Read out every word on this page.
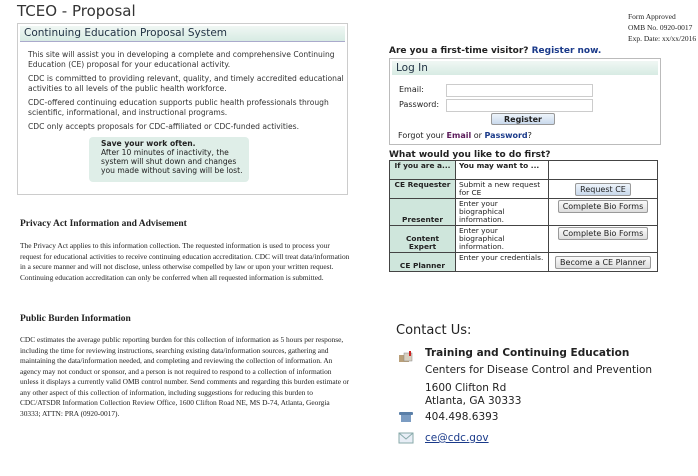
TCEO - Proposal
Continuing Education Proposal System

This site will assist you in developing a complete and comprehensive Continuing Education (CE) proposal for your educational activity.

CDC is committed to providing relevant, quality, and timely accredited educational activities to all levels of the public health workforce.

CDC-offered continuing education supports public health professionals through scientific, informational, and instructional programs.

CDC only accepts proposals for CDC-affiliated or CDC-funded activities.

Save your work often.
After 10 minutes of inactivity, the system will shut down and changes you made without saving will be lost.
Form Approved
OMB No. 0920-0017
Exp. Date: xx/xx/2016
Are you a first-time visitor? Register now.
Log In
Email:
Password:
Register
Forgot your Email or Password?
What would you like to do first?
If you are a...	You may want to ...	
CE Requester	Submit a new request for CE	Request CE
Presenter	Enter your biographical information.	Complete Bio Forms
Content Expert	Enter your biographical information.	Complete Bio Forms
CE Planner	Enter your credentials.	Become a CE Planner
Privacy Act Information and Advisement
The Privacy Act applies to this information collection. The requested information is used to process your request for educational activities to receive continuing education accreditation. CDC will treat data/information in a secure manner and will not disclose, unless otherwise compelled by law or upon your written request. Continuing education accreditation can only be conferred when all requested information is submitted.
Public Burden Information
CDC estimates the average public reporting burden for this collection of information as 5 hours per response, including the time for reviewing instructions, searching existing data/information sources, gathering and maintaining the data/information needed, and completing and reviewing the collection of information. An agency may not conduct or sponsor, and a person is not required to respond to a collection of information unless it displays a currently valid OMB control number. Send comments and regarding this burden estimate or any other aspect of this collection of information, including suggestions for reducing this burden to CDC/ATSDR Information Collection Review Office, 1600 Clifton Road NE, MS D-74, Atlanta, Georgia 30333; ATTN: PRA (0920-0017).
Contact Us:
Training and Continuing Education
Centers for Disease Control and Prevention
1600 Clifton Rd
Atlanta, GA 30333
404.498.6393
ce@cdc.gov
